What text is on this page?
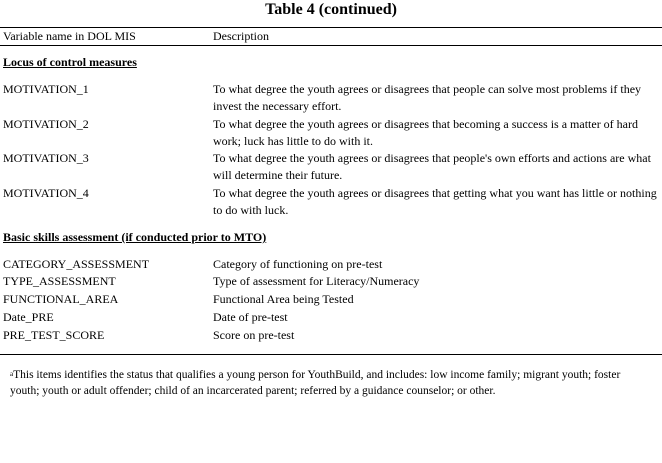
Table 4 (continued)
Variable name in DOL MIS	Description
Locus of control measures
MOTIVATION_1	To what degree the youth agrees or disagrees that people can solve most problems if they invest the necessary effort.
MOTIVATION_2	To what degree the youth agrees or disagrees that becoming a success is a matter of hard work; luck has little to do with it.
MOTIVATION_3	To what degree the youth agrees or disagrees that people's own efforts and actions are what will determine their future.
MOTIVATION_4	To what degree the youth agrees or disagrees that getting what you want has little or nothing to do with luck.
Basic skills assessment (if conducted prior to MTO)
CATEGORY_ASSESSMENT	Category of functioning on pre-test
TYPE_ASSESSMENT	Type of assessment for Literacy/Numeracy
FUNCTIONAL_AREA	Functional Area being Tested
Date_PRE	Date of pre-test
PRE_TEST_SCORE	Score on pre-test
$^a$This items identifies the status that qualifies a young person for YouthBuild, and includes: low income family; migrant youth; foster youth; youth or adult offender; child of an incarcerated parent; referred by a guidance counselor; or other.
